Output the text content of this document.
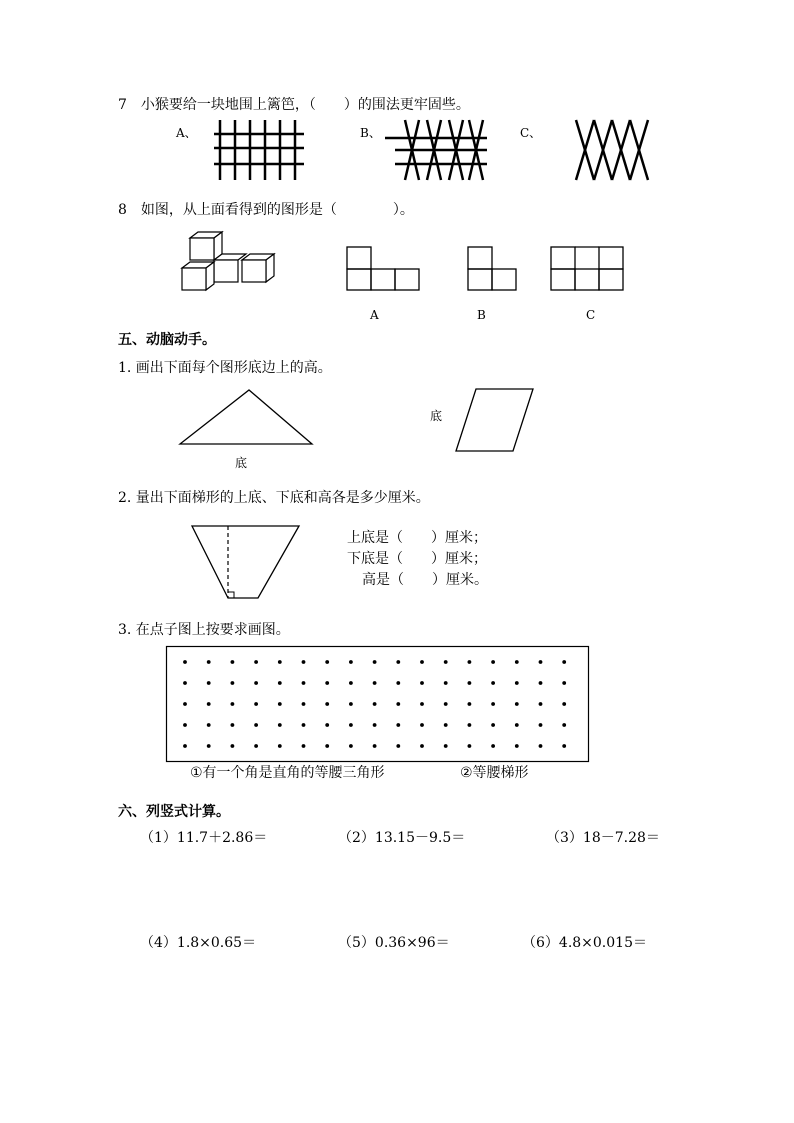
7　小猴要给一块地围上篱笆，（　　）的围法更牢固些。
A、	B、	C、
8　如图，从上面看得到的图形是（　　　　）。
A	B	C
五、动脑动手。
1. 画出下面每个图形底边上的高。
底
底
2. 量出下面梯形的上底、下底和高各是多少厘米。
上底是（　　）厘米；
下底是（　　）厘米；
高是（　　）厘米。
3. 在点子图上按要求画图。
①有一个角是直角的等腰三角形	②等腰梯形
六、列竖式计算。
（1）11.7＋2.86＝	（2）13.15－9.5＝	（3）18－7.28＝
（4）1.8×0.65＝	（5）0.36×96＝	（6）4.8×0.015＝
